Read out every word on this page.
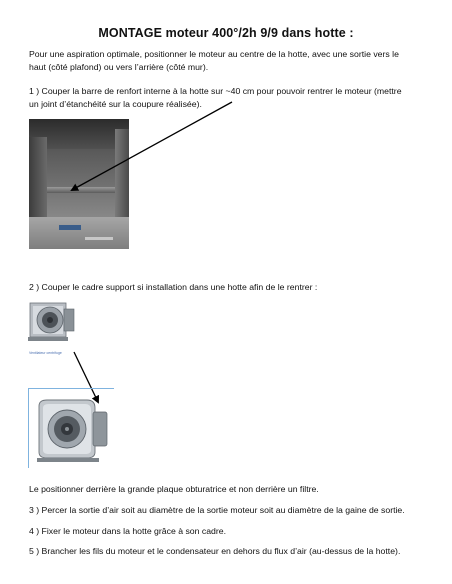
MONTAGE moteur 400°/2h 9/9 dans hotte :
Pour une aspiration optimale, positionner le moteur au centre de la hotte, avec une sortie vers le
haut (côté plafond) ou vers l’arrière (côté mur).
1 ) Couper la barre de renfort interne à la hotte sur ~40 cm pour pouvoir rentrer le moteur (mettre
un joint d’étanchéité sur la coupure réalisée).
2 ) Couper le cadre support si installation dans une hotte afin de le rentrer :
Ventilateur centrifuge
Le positionner derrière la grande plaque obturatrice et non derrière un filtre.
3 ) Percer la sortie d’air soit au diamètre de la sortie moteur soit au diamètre de la gaine de sortie.
4 ) Fixer le moteur dans la hotte grâce à son cadre.
5 ) Brancher les fils du moteur et le condensateur en dehors du flux d’air (au-dessus de la hotte).
